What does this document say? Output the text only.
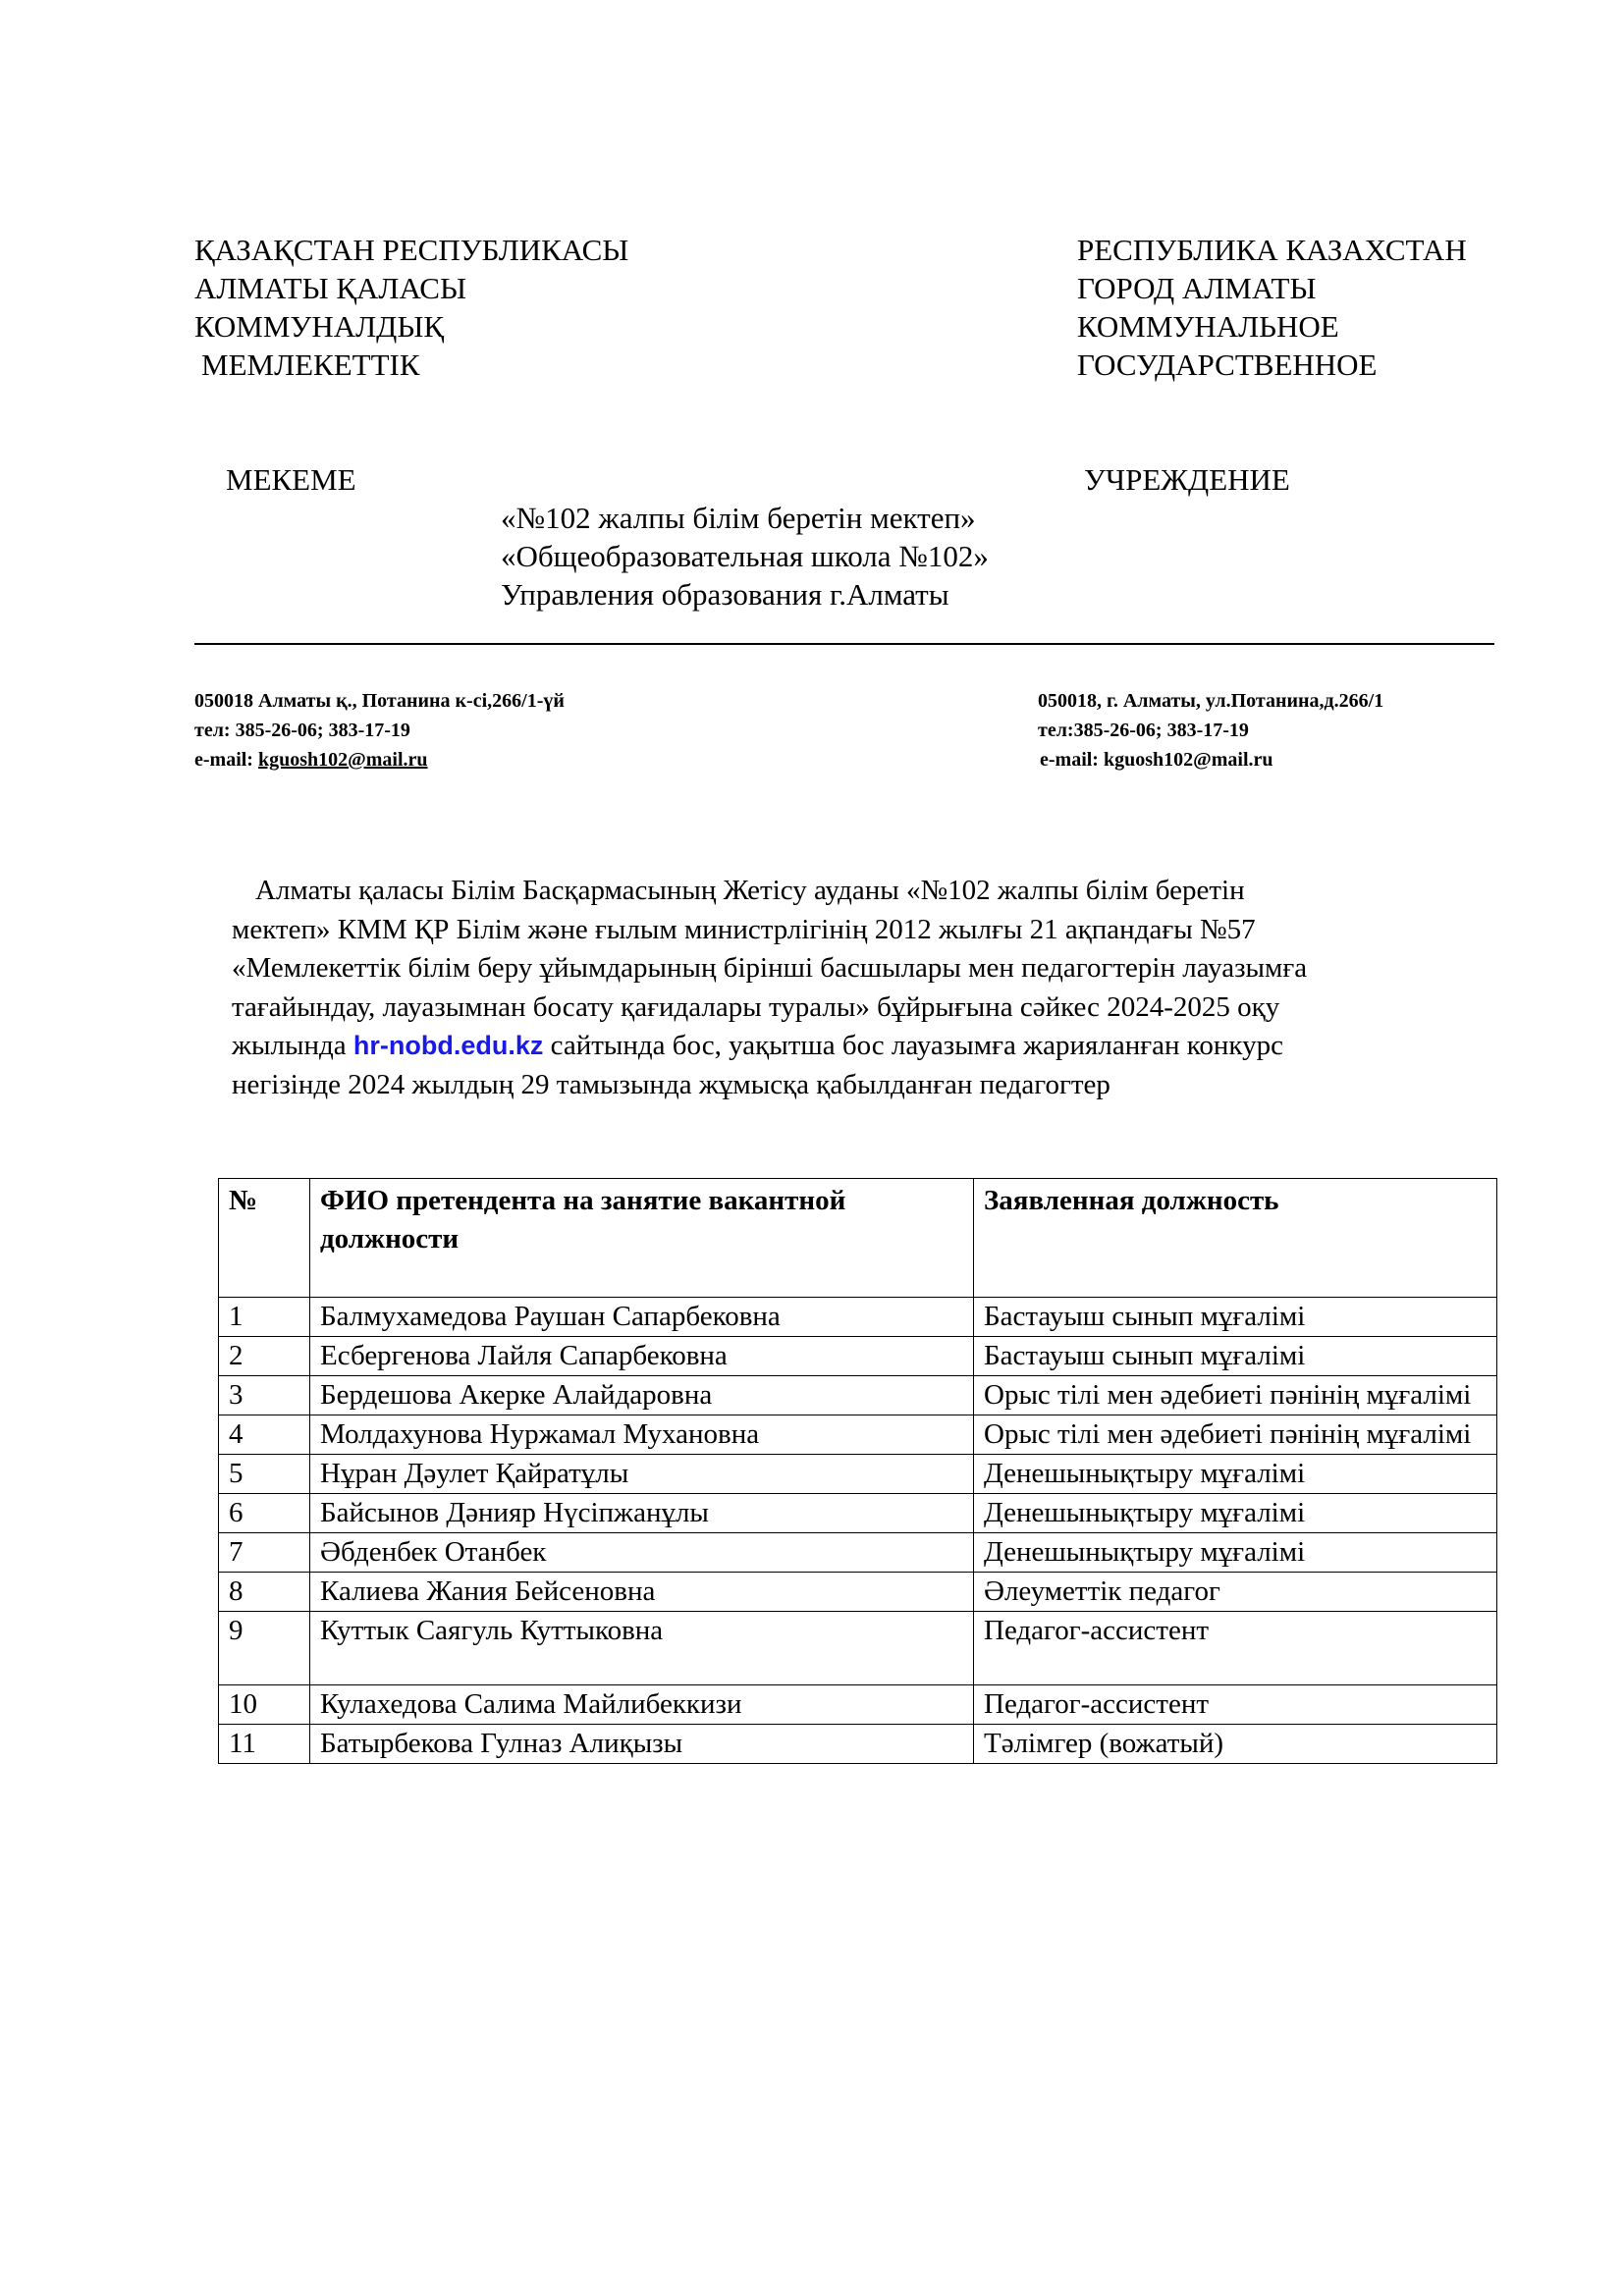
ҚАЗАҚСТАН РЕСПУБЛИКАСЫ
АЛМАТЫ ҚАЛАСЫ
КОММУНАЛДЫҚ
МЕМЛЕКЕТТІК
МЕКЕМЕ
РЕСПУБЛИКА КАЗАХСТАН
ГОРОД АЛМАТЫ
КОММУНАЛЬНОЕ
ГОСУДАРСТВЕННОЕ
УЧРЕЖДЕНИЕ
«№102 жалпы білім беретін мектеп»
«Общеобразовательная школа №102»
Управления образования г.Алматы
050018 Алматы қ., Потанина к-сі,266/1-үй
тел: 385-26-06; 383-17-19
e-mail: kguosh102@mail.ru
050018, г. Алматы, ул.Потанина,д.266/1
тел:385-26-06; 383-17-19
e-mail: kguosh102@mail.ru
Алматы қаласы Білім Басқармасының Жетісу ауданы «№102 жалпы білім беретін
мектеп» КММ ҚР Білім және ғылым министрлігінің 2012 жылғы 21 ақпандағы №57
«Мемлекеттік білім беру ұйымдарының бірінші басшылары мен педагогтерін лауазымға
тағайындау, лауазымнан босату қағидалары туралы» бұйрығына сәйкес 2024-2025 оқу
жылында hr-nobd.edu.kz сайтында бос, уақытша бос лауазымға жарияланған конкурс
негізінде 2024 жылдың 29 тамызында жұмысқа қабылданған педагогтер
№	ФИО претендента на занятие вакантной должности	Заявленная должность
1	Балмухамедова Раушан Сапарбековна	Бастауыш сынып мұғалімі
2	Есбергенова Лайля Сапарбековна	Бастауыш сынып мұғалімі
3	Бердешова Акерке Алайдаровна	Орыс тілі мен әдебиеті пәнінің мұғалімі
4	Молдахунова Нуржамал Мухановна	Орыс тілі мен әдебиеті пәнінің мұғалімі
5	Нұран Дәулет Қайратұлы	Денешынықтыру мұғалімі
6	Байсынов Дәнияр Нүсіпжанұлы	Денешынықтыру мұғалімі
7	Әбденбек Отанбек	Денешынықтыру мұғалімі
8	Калиева Жания Бейсеновна	Әлеуметтік педагог
9	Куттык Саягуль Куттыковна	Педагог-ассистент
10	Кулахедова Салима Майлибеккизи	Педагог-ассистент
11	Батырбекова Гулназ Алиқызы	Тәлімгер (вожатый)
